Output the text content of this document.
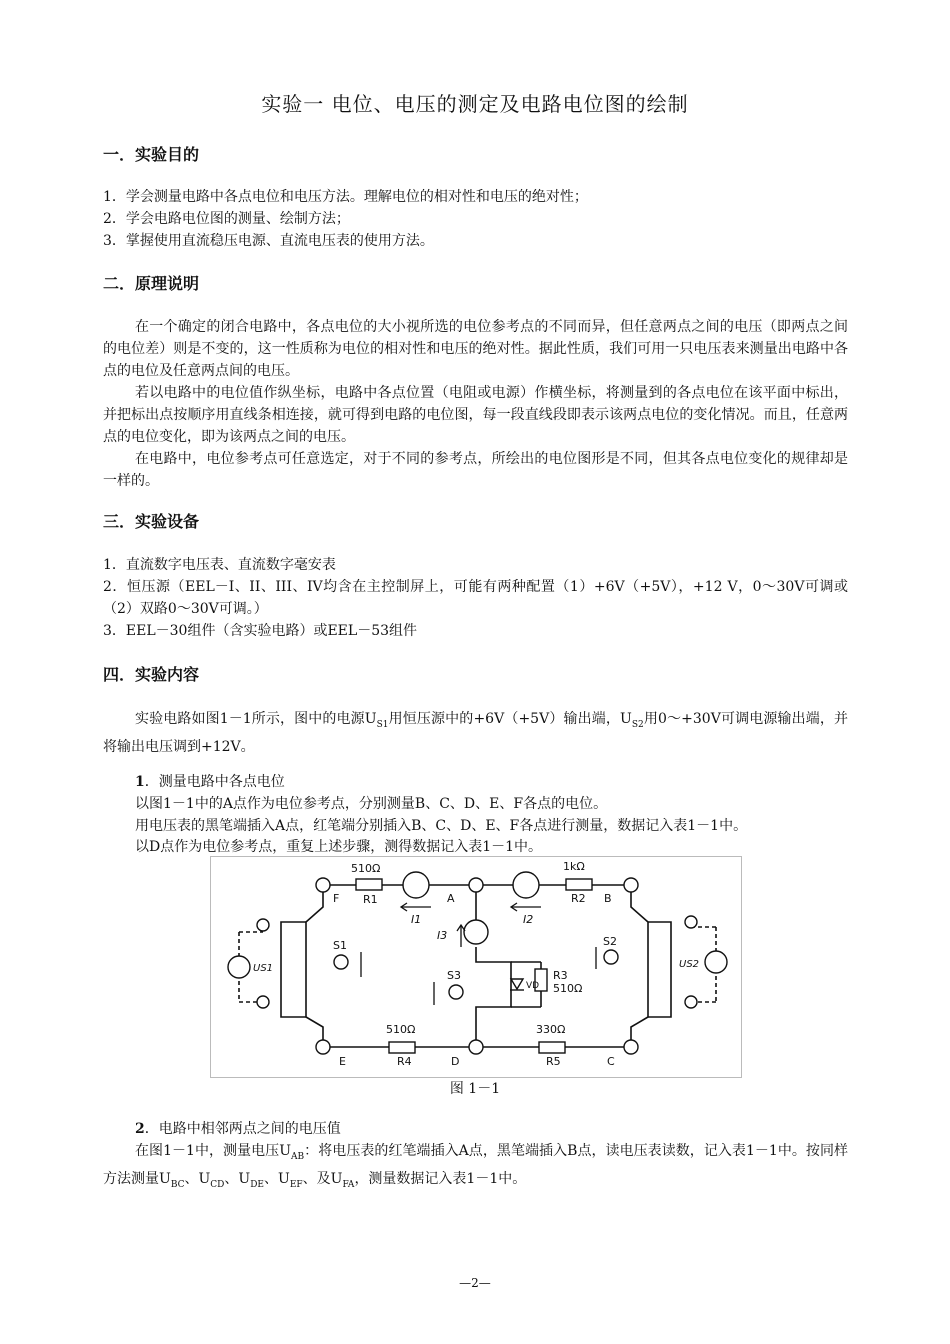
实验一 电位、电压的测定及电路电位图的绘制
一．实验目的
1．学会测量电路中各点电位和电压方法。理解电位的相对性和电压的绝对性；
2．学会电路电位图的测量、绘制方法；
3．掌握使用直流稳压电源、直流电压表的使用方法。
二．原理说明
在一个确定的闭合电路中，各点电位的大小视所选的电位参考点的不同而异，但任意两点之间的电压（即两点之间的电位差）则是不变的，这一性质称为电位的相对性和电压的绝对性。据此性质，我们可用一只电压表来测量出电路中各点的电位及任意两点间的电压。
若以电路中的电位值作纵坐标，电路中各点位置（电阻或电源）作横坐标，将测量到的各点电位在该平面中标出，并把标出点按顺序用直线条相连接，就可得到电路的电位图，每一段直线段即表示该两点电位的变化情况。而且，任意两点的电位变化，即为该两点之间的电压。
在电路中，电位参考点可任意选定，对于不同的参考点，所绘出的电位图形是不同，但其各点电位变化的规律却是一样的。
三．实验设备
1．直流数字电压表、直流数字毫安表
2．恒压源（EEL－I、II、III、IV均含在主控制屏上，可能有两种配置（1）+6V（+5V），+12 V，0～30V可调或（2）双路0～30V可调。）
3．EEL－30组件（含实验电路）或EEL－53组件
四．实验内容
实验电路如图1－1所示，图中的电源$U_{S1}$用恒压源中的+6V（+5V）输出端，$U_{S2}$用0～+30V可调电源输出端，并将输出电压调到+12V。
1．测量电路中各点电位
以图1－1中的A点作为电位参考点，分别测量B、C、D、E、F各点的电位。
用电压表的黑笔端插入A点，红笔端分别插入B、C、D、E、F各点进行测量，数据记入表1－1中。
以D点作为电位参考点，重复上述步骤，测得数据记入表1－1中。
510Ω
R1
1kΩ
R2
R3
510Ω
510Ω
R4
330Ω
R5
F	A	B
E	D	C
I1	I2
I3
S1
S3
S2
US1	US2
VD
图 1－1
2．电路中相邻两点之间的电压值
在图1－1中，测量电压$U_{AB}$：将电压表的红笔端插入A点，黑笔端插入B点，读电压表读数，记入表1－1中。按同样方法测量$U_{BC}$、$U_{CD}$、$U_{DE}$、$U_{EF}$、及$U_{FA}$，测量数据记入表1－1中。
—2—
